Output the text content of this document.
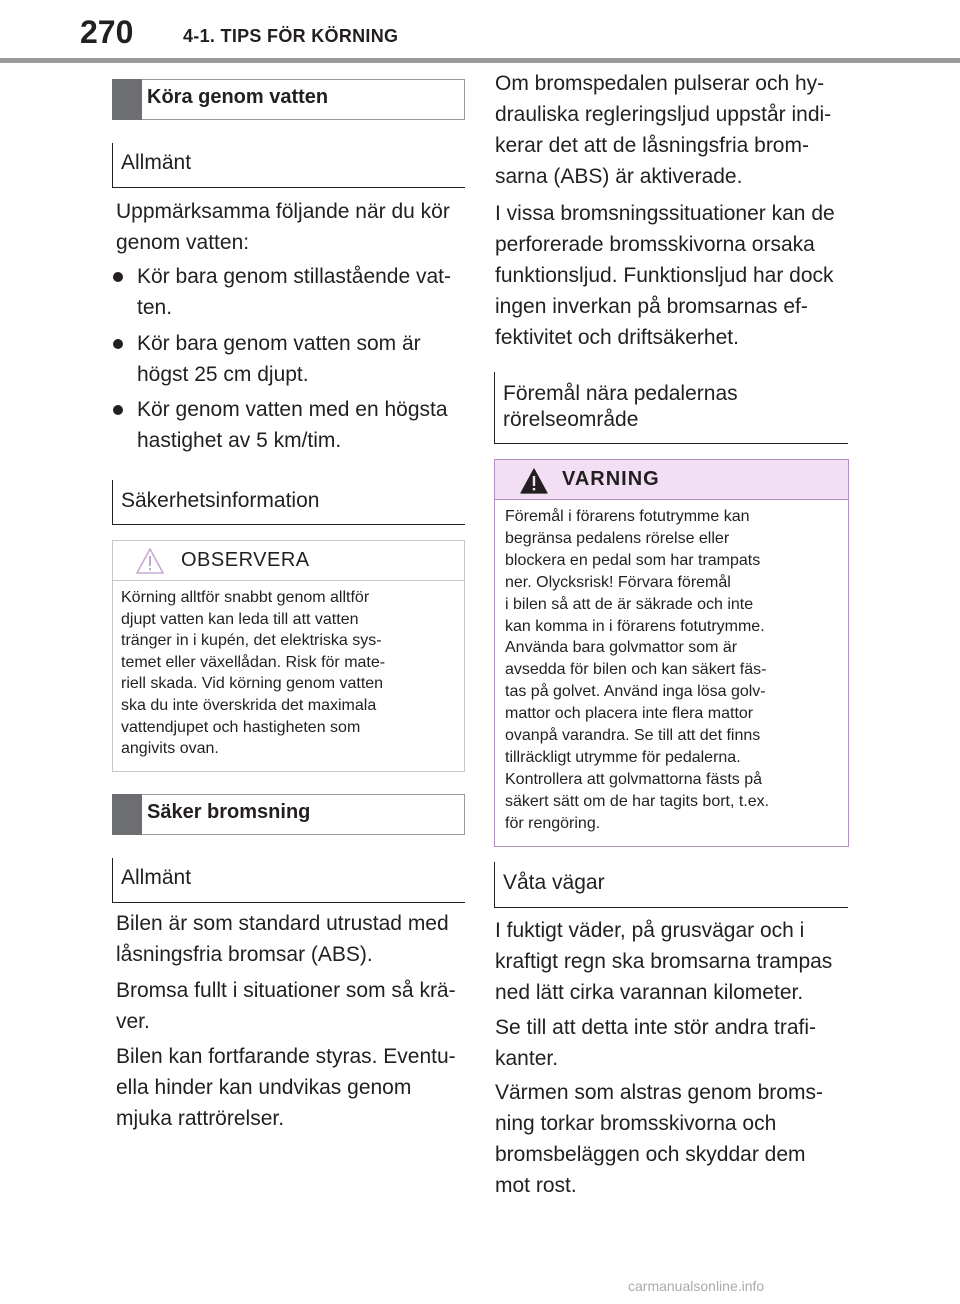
270	4-1. TIPS FÖR KÖRNING
Köra genom vatten
Allmänt
Uppmärksamma följande när du kör
genom vatten:
Kör bara genom stillastående vat-
ten.
Kör bara genom vatten som är
högst 25 cm djupt.
Kör genom vatten med en högsta
hastighet av 5 km/tim.
Säkerhetsinformation
OBSERVERA
Körning alltför snabbt genom alltför
djupt vatten kan leda till att vatten
tränger in i kupén, det elektriska sys-
temet eller växellådan. Risk för mate-
riell skada. Vid körning genom vatten
ska du inte överskrida det maximala
vattendjupet och hastigheten som
angivits ovan.
Säker bromsning
Allmänt
Bilen är som standard utrustad med
låsningsfria bromsar (ABS).
Bromsa fullt i situationer som så krä-
ver.
Bilen kan fortfarande styras. Eventu-
ella hinder kan undvikas genom
mjuka rattrörelser.
Om bromspedalen pulserar och hy-
drauliska regleringsljud uppstår indi-
kerar det att de låsningsfria brom-
sarna (ABS) är aktiverade.
I vissa bromsningssituationer kan de
perforerade bromsskivorna orsaka
funktionsljud. Funktionsljud har dock
ingen inverkan på bromsarnas ef-
fektivitet och driftsäkerhet.
Föremål nära pedalernas
rörelseområde
VARNING
Föremål i förarens fotutrymme kan
begränsa pedalens rörelse eller
blockera en pedal som har trampats
ner. Olycksrisk! Förvara föremål
i bilen så att de är säkrade och inte
kan komma in i förarens fotutrymme.
Använda bara golvmattor som är
avsedda för bilen och kan säkert fäs-
tas på golvet. Använd inga lösa golv-
mattor och placera inte flera mattor
ovanpå varandra. Se till att det finns
tillräckligt utrymme för pedalerna.
Kontrollera att golvmattorna fästs på
säkert sätt om de har tagits bort, t.ex.
för rengöring.
Våta vägar
I fuktigt väder, på grusvägar och i
kraftigt regn ska bromsarna trampas
ned lätt cirka varannan kilometer.
Se till att detta inte stör andra trafi-
kanter.
Värmen som alstras genom broms-
ning torkar bromsskivorna och
bromsbeläggen och skyddar dem
mot rost.
carmanualsonline.info
